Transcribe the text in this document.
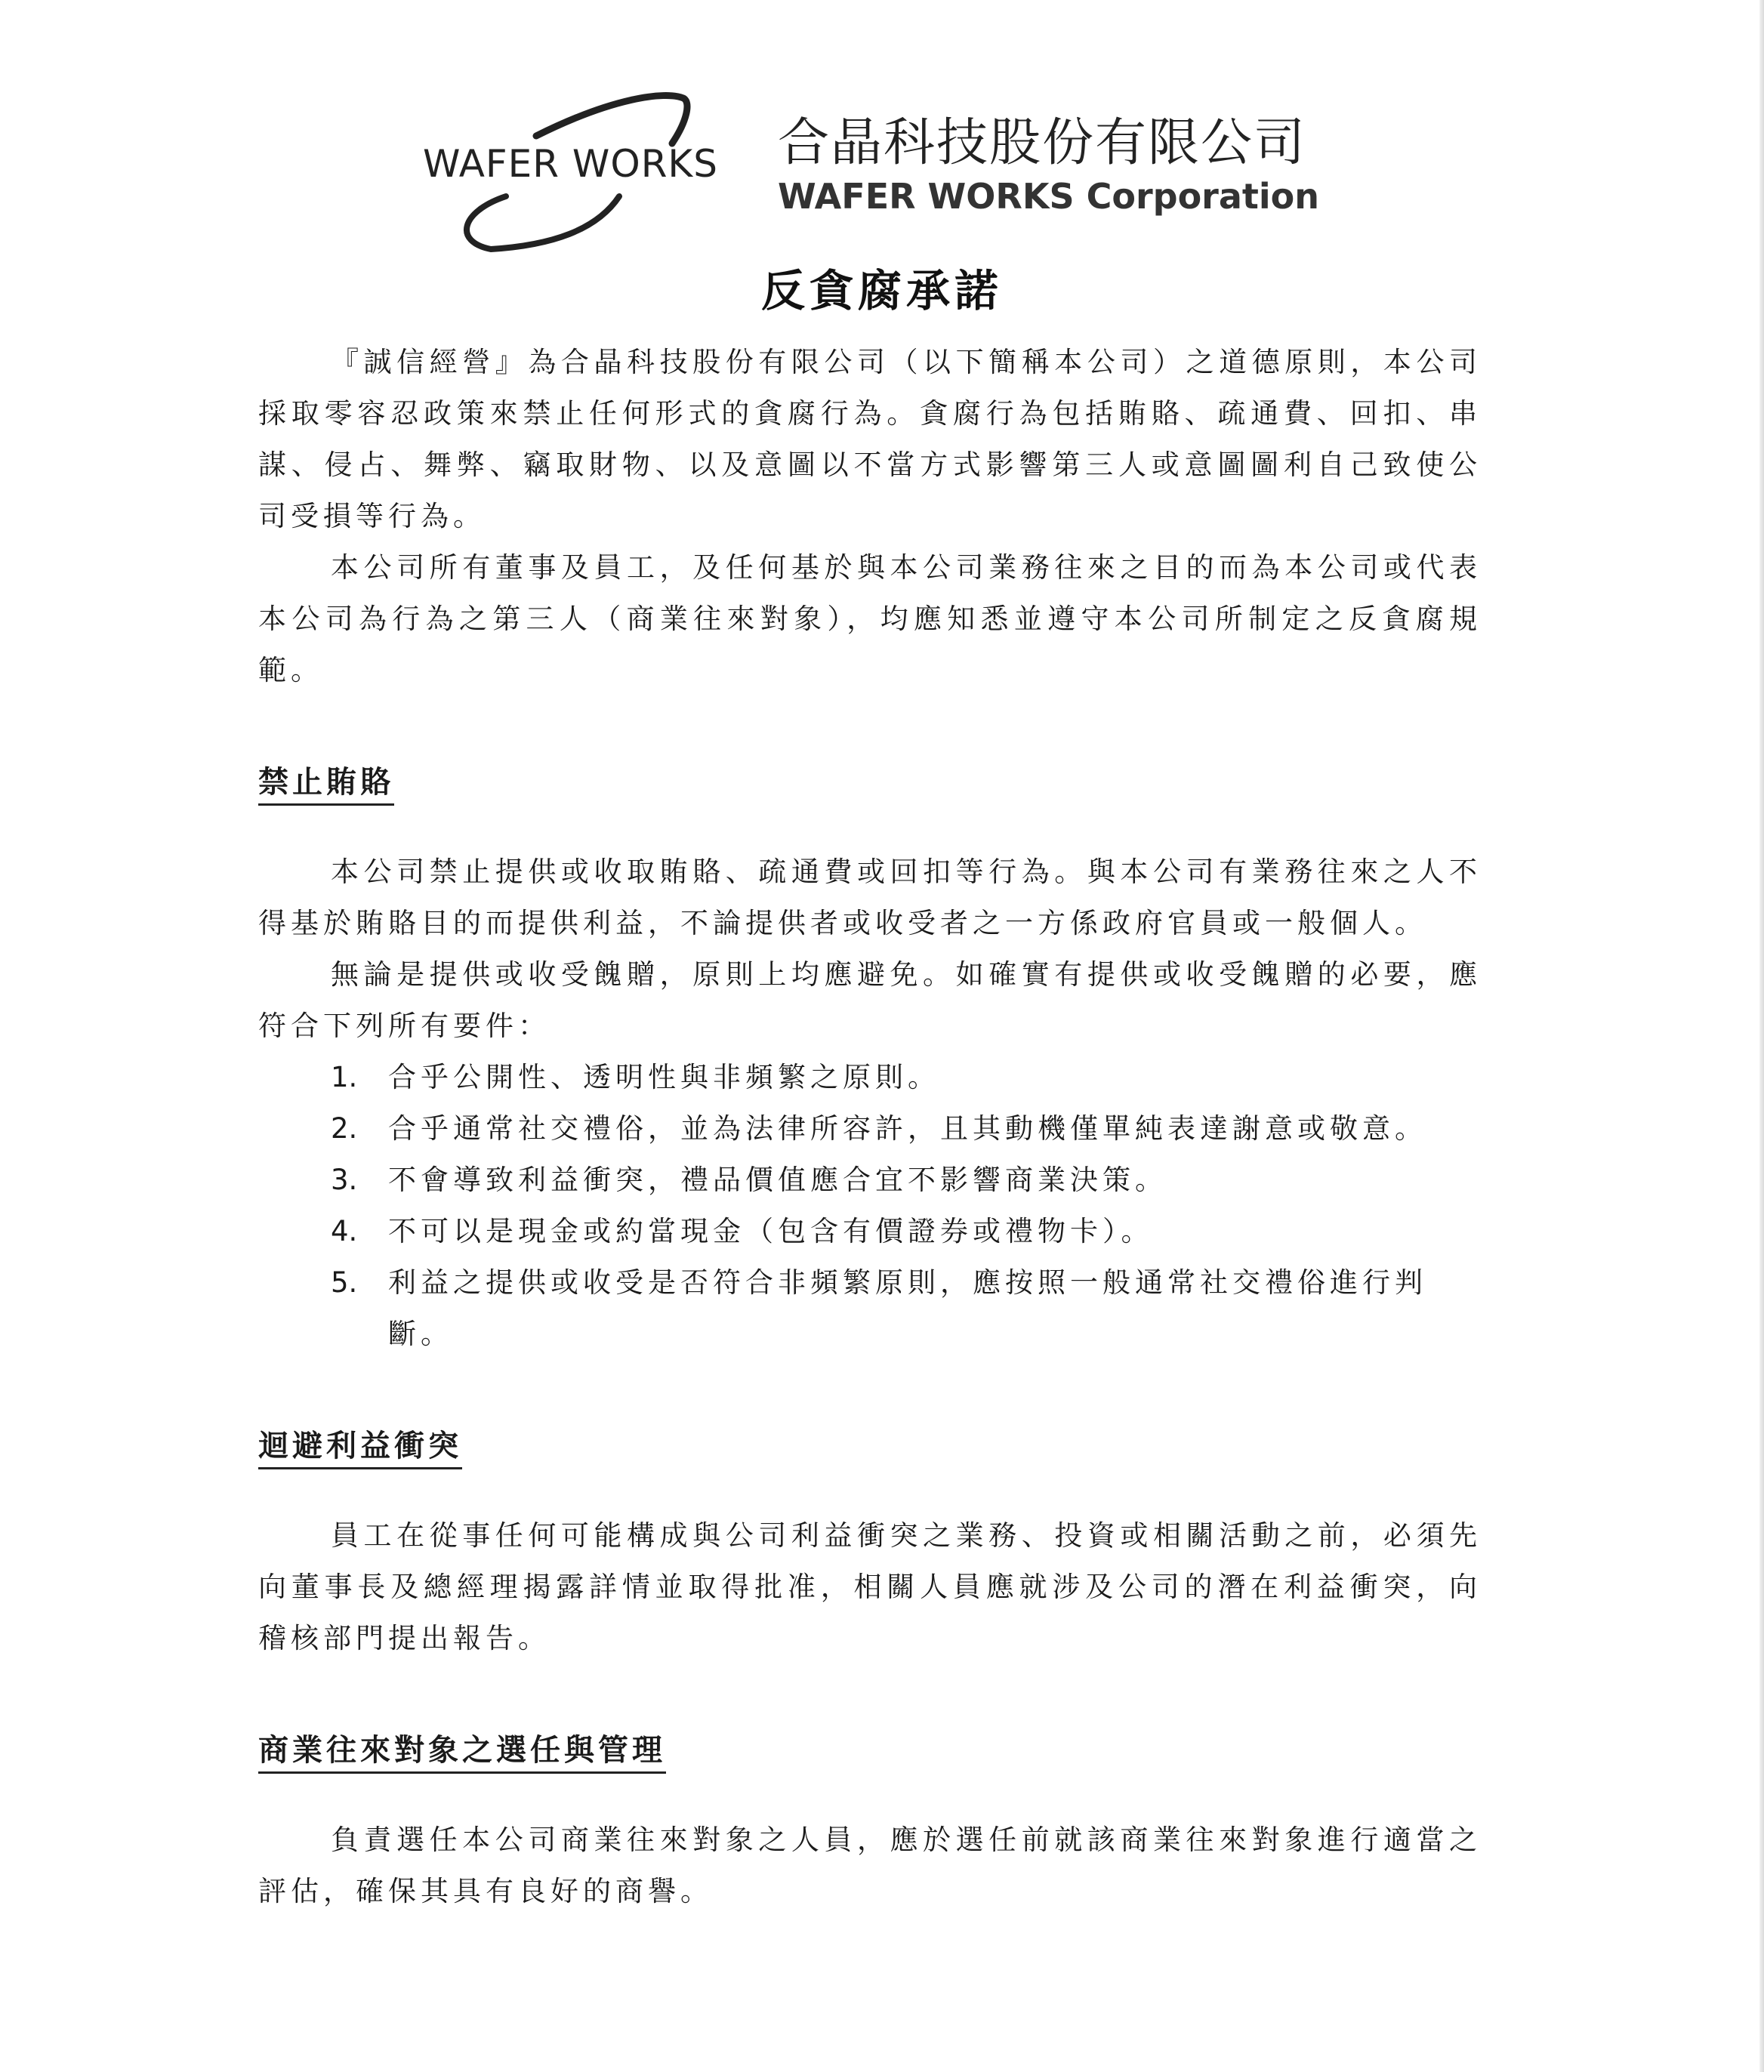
WAFER WORKS 合晶科技股份有限公司
WAFER WORKS Corporation
反貪腐承諾

『誠信經營』為合晶科技股份有限公司（以下簡稱本公司）之道德原則，本公司採取零容忍政策來禁止任何形式的貪腐行為。貪腐行為包括賄賂、疏通費、回扣、串謀、侵占、舞弊、竊取財物、以及意圖以不當方式影響第三人或意圖圖利自己致使公司受損等行為。

本公司所有董事及員工，及任何基於與本公司業務往來之目的而為本公司或代表本公司為行為之第三人（商業往來對象），均應知悉並遵守本公司所制定之反貪腐規範。

禁止賄賂

本公司禁止提供或收取賄賂、疏通費或回扣等行為。與本公司有業務往來之人不得基於賄賂目的而提供利益，不論提供者或收受者之一方係政府官員或一般個人。

無論是提供或收受餽贈，原則上均應避免。如確實有提供或收受餽贈的必要，應符合下列所有要件：

1.	合乎公開性、透明性與非頻繁之原則。
2.	合乎通常社交禮俗，並為法律所容許，且其動機僅單純表達謝意或敬意。
3.	不會導致利益衝突，禮品價值應合宜不影響商業決策。
4.	不可以是現金或約當現金（包含有價證券或禮物卡）。
5.	利益之提供或收受是否符合非頻繁原則，應按照一般通常社交禮俗進行判斷。
迴避利益衝突

員工在從事任何可能構成與公司利益衝突之業務、投資或相關活動之前，必須先向董事長及總經理揭露詳情並取得批准，相關人員應就涉及公司的潛在利益衝突，向稽核部門提出報告。

商業往來對象之選任與管理

負責選任本公司商業往來對象之人員，應於選任前就該商業往來對象進行適當之評估，確保其具有良好的商譽。
